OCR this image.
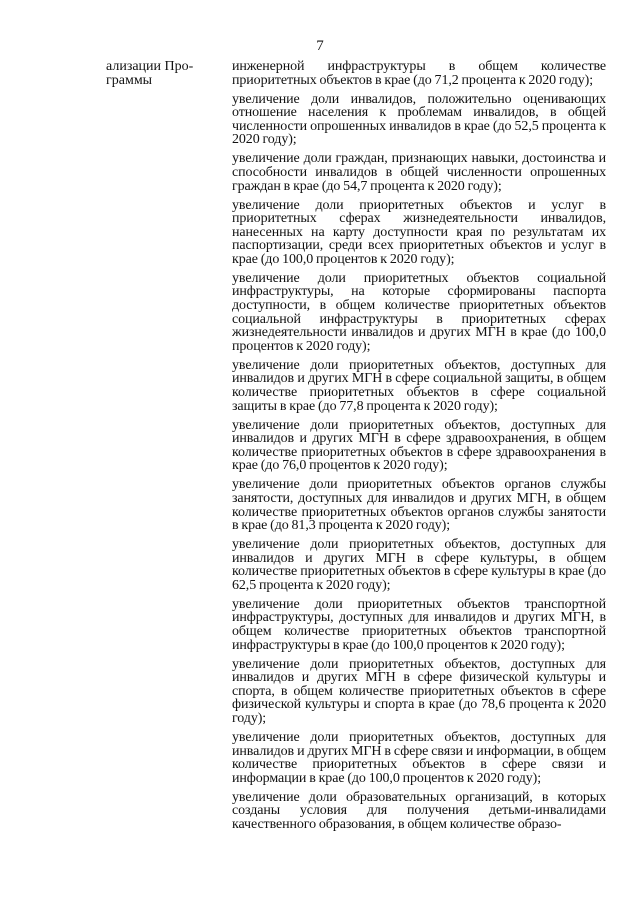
7
ализации Про-
граммы

инженерной инфраструктуры в общем количестве приоритетных объектов в крае (до 71,2 процента к 2020 году);

увеличение доли инвалидов, положительно оценивающих отношение населения к проблемам инвалидов, в общей численности опрошенных инвалидов в крае (до 52,5 процента к 2020 году);

увеличение доли граждан, признающих навыки, достоинства и способности инвалидов в общей численности опрошенных граждан в крае (до 54,7 процента к 2020 году);

увеличение доли приоритетных объектов и услуг в приоритетных сферах жизнедеятельности инвалидов, нанесенных на карту доступности края по результатам их паспортизации, среди всех приоритетных объектов и услуг в крае (до 100,0 процентов к 2020 году);

увеличение доли приоритетных объектов социальной инфраструктуры, на которые сформированы паспорта доступности, в общем количестве приоритетных объектов социальной инфраструктуры в приоритетных сферах жизнедеятельности инвалидов и других МГН в крае (до 100,0 процентов к 2020 году);

увеличение доли приоритетных объектов, доступных для инвалидов и других МГН в сфере социальной защиты, в общем количестве приоритетных объектов в сфере социальной защиты в крае (до 77,8 процента к 2020 году);

увеличение доли приоритетных объектов, доступных для инвалидов и других МГН в сфере здравоохранения, в общем количестве приоритетных объектов в сфере здравоохранения в крае (до 76,0 процентов к 2020 году);

увеличение доли приоритетных объектов органов службы занятости, доступных для инвалидов и других МГН, в общем количестве приоритетных объектов органов службы занятости в крае (до 81,3 процента к 2020 году);

увеличение доли приоритетных объектов, доступных для инвалидов и других МГН в сфере культуры, в общем количестве приоритетных объектов в сфере культуры в крае (до 62,5 процента к 2020 году);

увеличение доли приоритетных объектов транспортной инфраструктуры, доступных для инвалидов и других МГН, в общем количестве приоритетных объектов транспортной инфраструктуры в крае (до 100,0 процентов к 2020 году);

увеличение доли приоритетных объектов, доступных для инвалидов и других МГН в сфере физической культуры и спорта, в общем количестве приоритетных объектов в сфере физической культуры и спорта в крае (до 78,6 процента к 2020 году);

увеличение доли приоритетных объектов, доступных для инвалидов и других МГН в сфере связи и информации, в общем количестве приоритетных объектов в сфере связи и информации в крае (до 100,0 процентов к 2020 году);

увеличение доли образовательных организаций, в которых созданы условия для получения детьми-инвалидами качественного образования, в общем количестве образо-
